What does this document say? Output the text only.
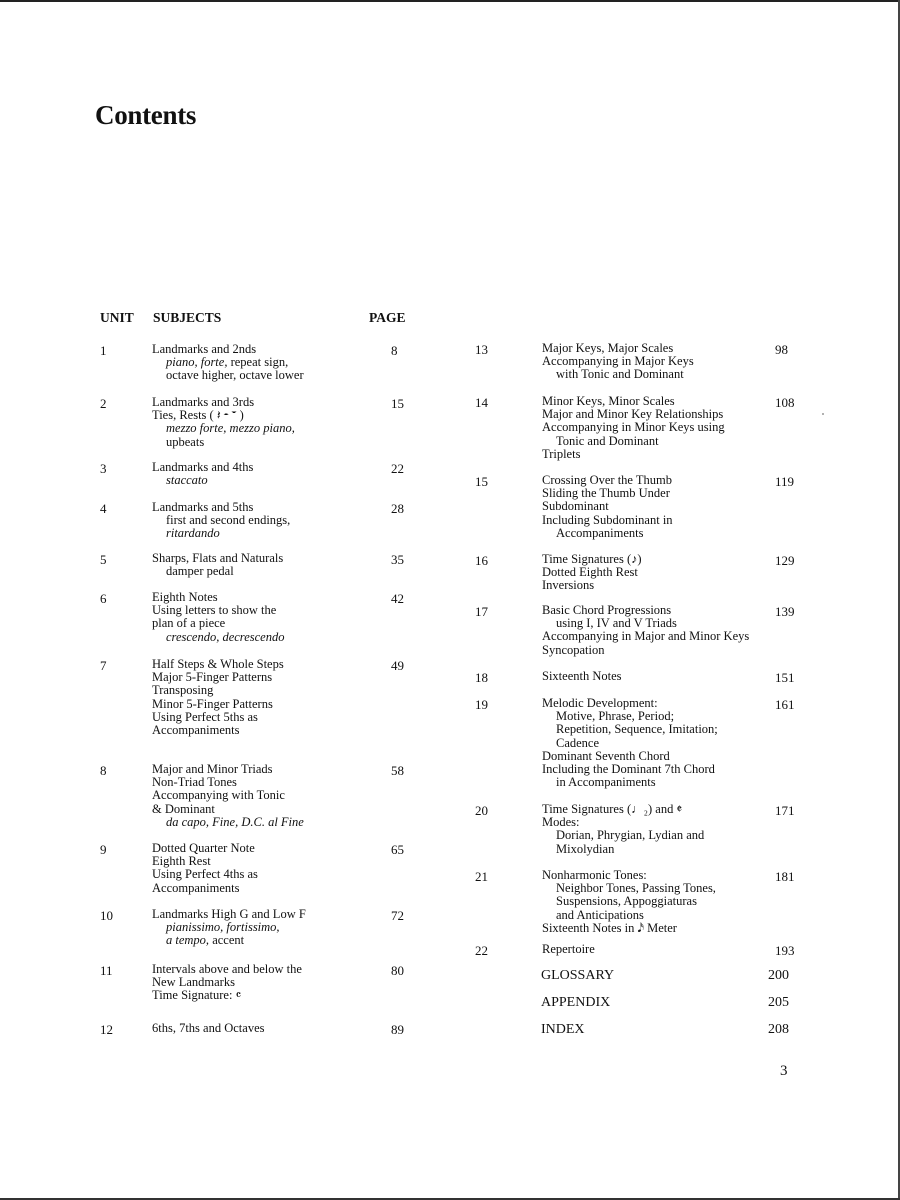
Contents
UNIT SUBJECTS	PAGE
1	Landmarks and 2nds
piano, forte, repeat sign,
octave higher, octave lower
8
2	Landmarks and 3rds
Ties, Rests ( 𝄽 𝄼 𝄻 )
mezzo forte, mezzo piano,
upbeats
15
3	Landmarks and 4ths
staccato
22
4	Landmarks and 5ths
first and second endings,
ritardando
28
5	Sharps, Flats and Naturals
damper pedal
35
6	Eighth Notes
Using letters to show the
plan of a piece
crescendo, decrescendo
42
7	Half Steps & Whole Steps
Major 5-Finger Patterns
Transposing
Minor 5-Finger Patterns
Using Perfect 5ths as
Accompaniments
49
8	Major and Minor Triads
Non-Triad Tones
Accompanying with Tonic
& Dominant
da capo, Fine, D.C. al Fine
58
9	Dotted Quarter Note
Eighth Rest
Using Perfect 4ths as
Accompaniments
65
10	Landmarks High G and Low F
pianissimo, fortissimo,
a tempo, accent
72
11	Intervals above and below the
New Landmarks
Time Signature: 𝄴
80
12	6ths, 7ths and Octaves	89
13	Major Keys, Major Scales
Accompanying in Major Keys
with Tonic and Dominant
98
14	Minor Keys, Minor Scales
Major and Minor Key Relationships
Accompanying in Minor Keys using
Tonic and Dominant
Triplets
108
15	Crossing Over the Thumb
Sliding the Thumb Under
Subdominant
Including Subdominant in
Accompaniments
119
16	Time Signatures (♪)
Dotted Eighth Rest
Inversions
129
17	Basic Chord Progressions
using I, IV and V Triads
Accompanying in Major and Minor Keys
Syncopation
139
18	Sixteenth Notes	151
19	Melodic Development:
Motive, Phrase, Period;
Repetition, Sequence, Imitation;
Cadence
Dominant Seventh Chord
Including the Dominant 7th Chord
in Accompaniments
161
20	Time Signatures (♩₂) and 𝄵
Modes:
Dorian, Phrygian, Lydian and
Mixolydian
171
21	Nonharmonic Tones:
Neighbor Tones, Passing Tones,
Suspensions, Appoggiaturas
and Anticipations
Sixteenth Notes in 𝅘𝅥𝅯 Meter
181
22	Repertoire	193
GLOSSARY	200
APPENDIX	205
INDEX	208
3
